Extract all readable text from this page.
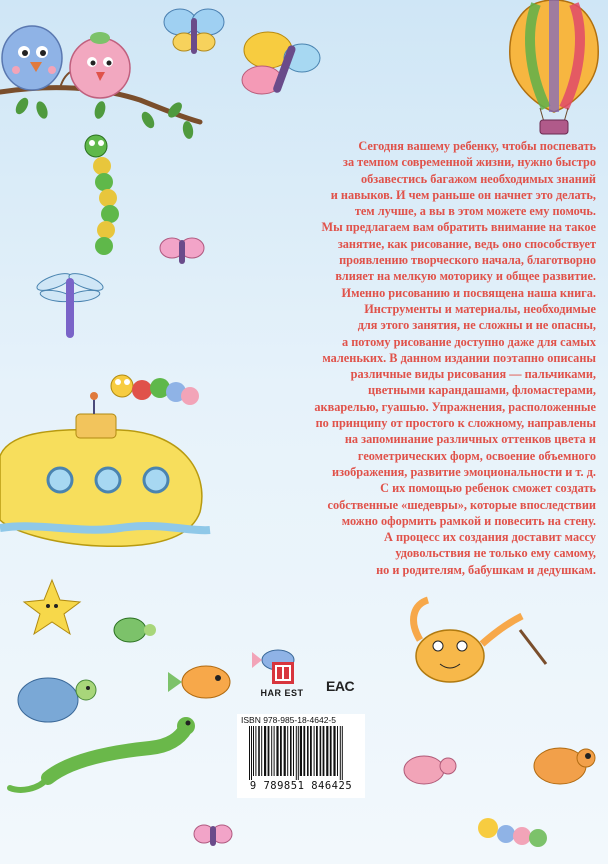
Сегодня вашему ребенку, чтобы поспевать
за темпом современной жизни, нужно быстро
обзавестись багажом необходимых знаний
и навыков. И чем раньше он начнет это делать,
тем лучше, а вы в этом можете ему помочь.
Мы предлагаем вам обратить внимание на такое
занятие, как рисование, ведь оно способствует
проявлению творческого начала, благотворно
влияет на мелкую моторику и общее развитие.
Именно рисованию и посвящена наша книга.
Инструменты и материалы, необходимые
для этого занятия, не сложны и не опасны,
а потому рисование доступно даже для самых
маленьких. В данном издании поэтапно описаны
различные виды рисования — пальчиками,
цветными карандашами, фломастерами,
акварелью, гуашью. Упражнения, расположенные
по принципу от простого к сложному, направлены
на запоминание различных оттенков цвета и
геометрических форм, освоение объемного
изображения, развитие эмоциональности и т. д.
С их помощью ребенок сможет создать
собственные «шедевры», которые впоследствии
можно оформить рамкой и повесить на стену.
А процесс их создания доставит массу
удовольствия не только ему самому,
но и родителям, бабушкам и дедушкам.

HAR EST EAC
ISBN 978-985-18-4642-5
9 789851 846425
